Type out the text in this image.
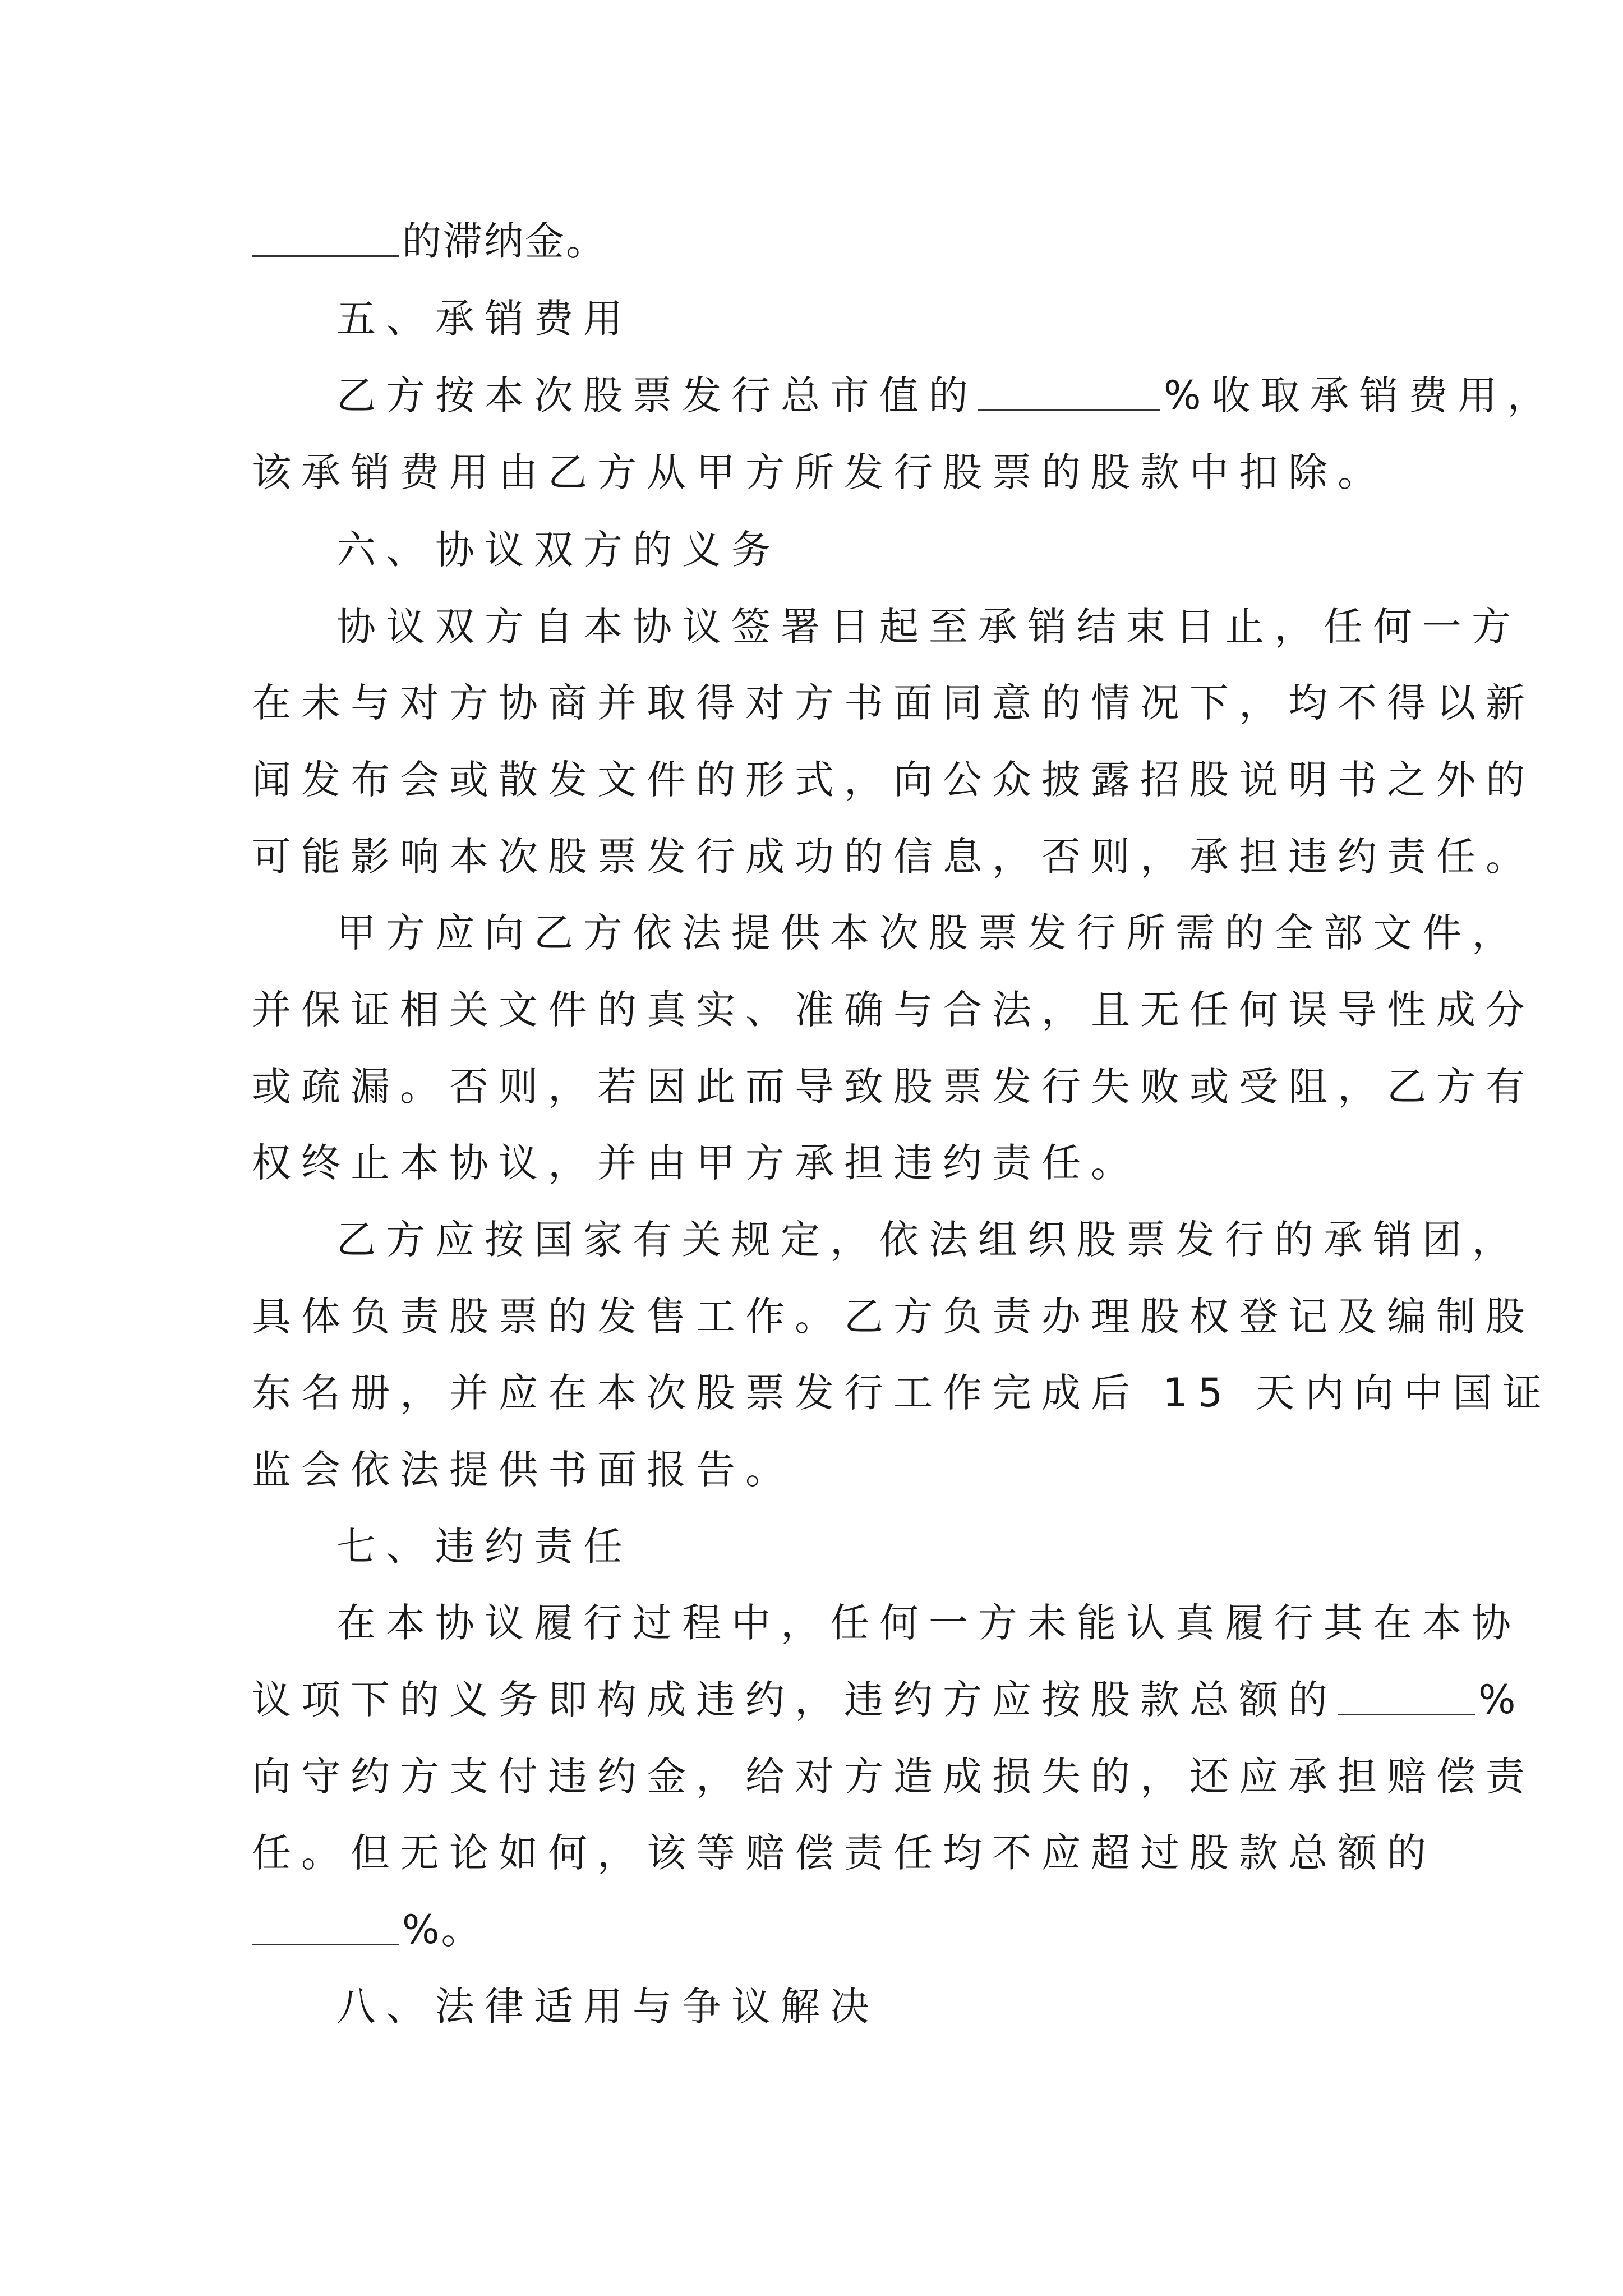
的滞纳金。
五、承销费用
乙方按本次股票发行总市值的	%收取承销费用，
该承销费用由乙方从甲方所发行股票的股款中扣除。
六、协议双方的义务
协议双方自本协议签署日起至承销结束日止，任何一方
在未与对方协商并取得对方书面同意的情况下，均不得以新
闻发布会或散发文件的形式，向公众披露招股说明书之外的
可能影响本次股票发行成功的信息，否则，承担违约责任。
甲方应向乙方依法提供本次股票发行所需的全部文件，
并保证相关文件的真实、准确与合法，且无任何误导性成分
或疏漏。否则，若因此而导致股票发行失败或受阻，乙方有
权终止本协议，并由甲方承担违约责任。
乙方应按国家有关规定，依法组织股票发行的承销团，
具体负责股票的发售工作。乙方负责办理股权登记及编制股
东名册，并应在本次股票发行工作完成后 15 天内向中国证
监会依法提供书面报告。
七、违约责任
在本协议履行过程中，任何一方未能认真履行其在本协
议项下的义务即构成违约，违约方应按股款总额的	%
向守约方支付违约金，给对方造成损失的，还应承担赔偿责
任。但无论如何，该等赔偿责任均不应超过股款总额的
%。
八、法律适用与争议解决
